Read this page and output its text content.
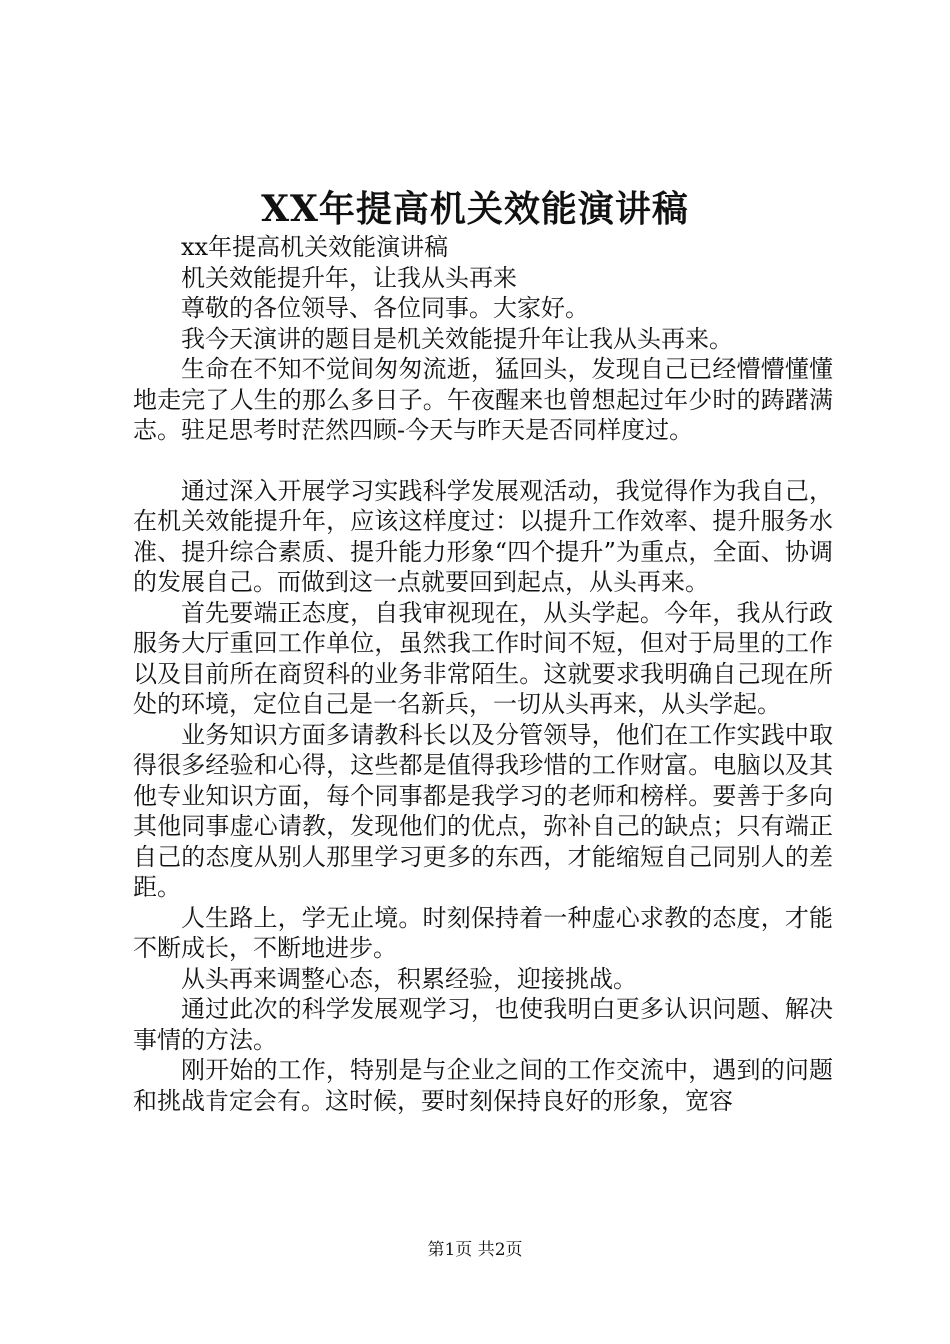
XX年提高机关效能演讲稿

xx年提高机关效能演讲稿

机关效能提升年，让我从头再来

尊敬的各位领导、各位同事。大家好。

我今天演讲的题目是机关效能提升年让我从头再来。

生命在不知不觉间匆匆流逝，猛回头，发现自己已经懵懵懂懂地走完了人生的那么多日子。午夜醒来也曾想起过年少时的踌躇满志。驻足思考时茫然四顾-今天与昨天是否同样度过。

通过深入开展学习实践科学发展观活动，我觉得作为我自己，在机关效能提升年，应该这样度过：以提升工作效率、提升服务水准、提升综合素质、提升能力形象“四个提升”为重点，全面、协调的发展自己。而做到这一点就要回到起点，从头再来。

首先要端正态度，自我审视现在，从头学起。今年，我从行政服务大厅重回工作单位，虽然我工作时间不短，但对于局里的工作以及目前所在商贸科的业务非常陌生。这就要求我明确自己现在所处的环境，定位自己是一名新兵，一切从头再来，从头学起。

业务知识方面多请教科长以及分管领导，他们在工作实践中取得很多经验和心得，这些都是值得我珍惜的工作财富。电脑以及其他专业知识方面，每个同事都是我学习的老师和榜样。要善于多向其他同事虚心请教，发现他们的优点，弥补自己的缺点；只有端正自己的态度从别人那里学习更多的东西，才能缩短自己同别人的差距。

人生路上，学无止境。时刻保持着一种虚心求教的态度，才能不断成长，不断地进步。

从头再来调整心态，积累经验，迎接挑战。

通过此次的科学发展观学习，也使我明白更多认识问题、解决事情的方法。

刚开始的工作，特别是与企业之间的工作交流中，遇到的问题和挑战肯定会有。这时候，要时刻保持良好的形象，宽容

第1页 共2页
